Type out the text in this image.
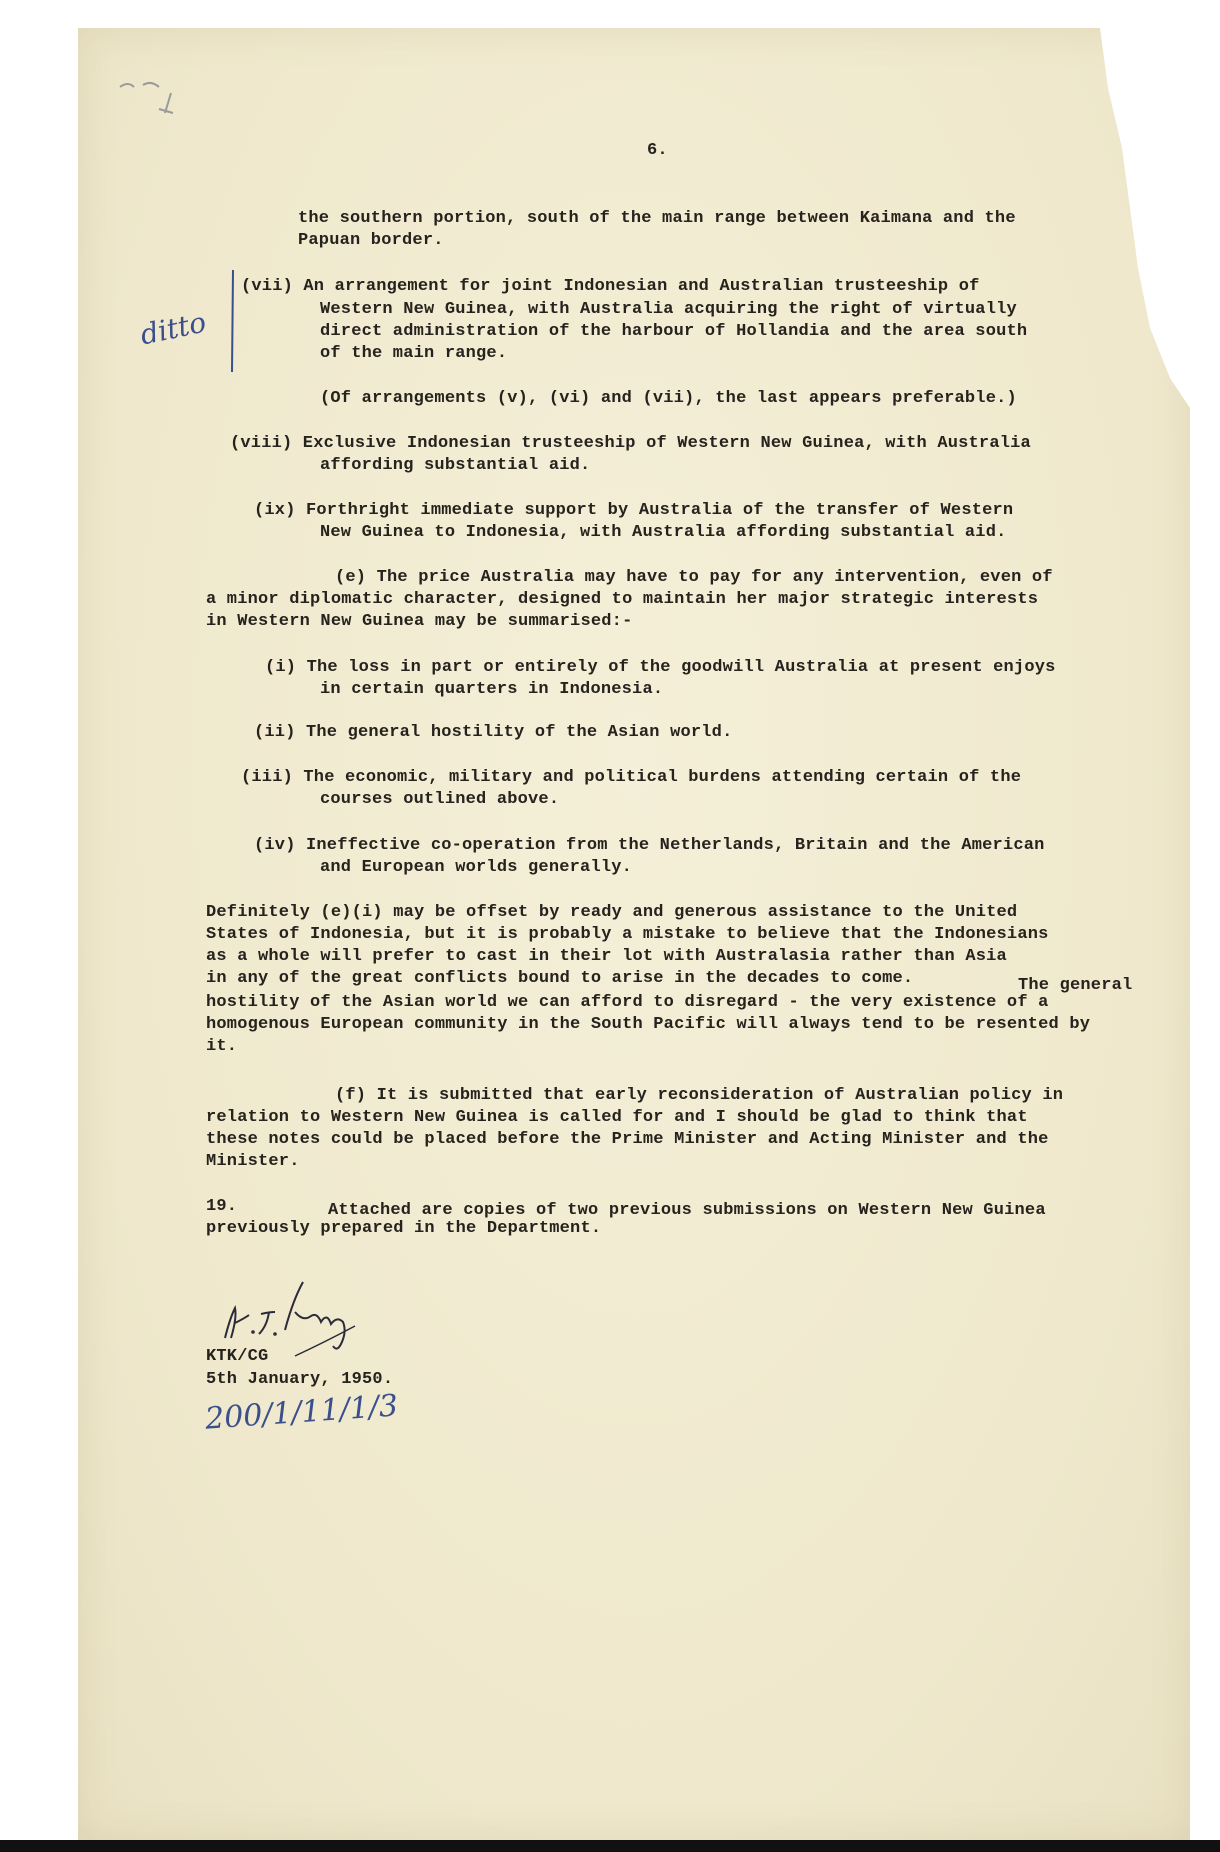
6.
the southern portion, south of the main range between Kaimana and the
Papuan border.
ditto
(vii) An arrangement for joint Indonesian and Australian trusteeship of
Western New Guinea, with Australia acquiring the right of virtually
direct administration of the harbour of Hollandia and the area south
of the main range.
(Of arrangements (v), (vi) and (vii), the last appears preferable.)
(viii) Exclusive Indonesian trusteeship of Western New Guinea, with Australia
affording substantial aid.
(ix) Forthright immediate support by Australia of the transfer of Western
New Guinea to Indonesia, with Australia affording substantial aid.
(e) The price Australia may have to pay for any intervention, even of
a minor diplomatic character, designed to maintain her major strategic interests
in Western New Guinea may be summarised:-
(i) The loss in part or entirely of the goodwill Australia at present enjoys
in certain quarters in Indonesia.
(ii) The general hostility of the Asian world.
(iii) The economic, military and political burdens attending certain of the
courses outlined above.
(iv) Ineffective co-operation from the Netherlands, Britain and the American
and European worlds generally.
Definitely (e)(i) may be offset by ready and generous assistance to the United
States of Indonesia, but it is probably a mistake to believe that the Indonesians
as a whole will prefer to cast in their lot with Australasia rather than Asia
in any of the great conflicts bound to arise in the decades to come.	The general
hostility of the Asian world we can afford to disregard - the very existence of a
homogenous European community in the South Pacific will always tend to be resented by
it.
(f) It is submitted that early reconsideration of Australian policy in
relation to Western New Guinea is called for and I should be glad to think that
these notes could be placed before the Prime Minister and Acting Minister and the
Minister.
19.	Attached are copies of two previous submissions on Western New Guinea
previously prepared in the Department.
KTK/CG
5th January, 1950.
200/1/11/1/3
